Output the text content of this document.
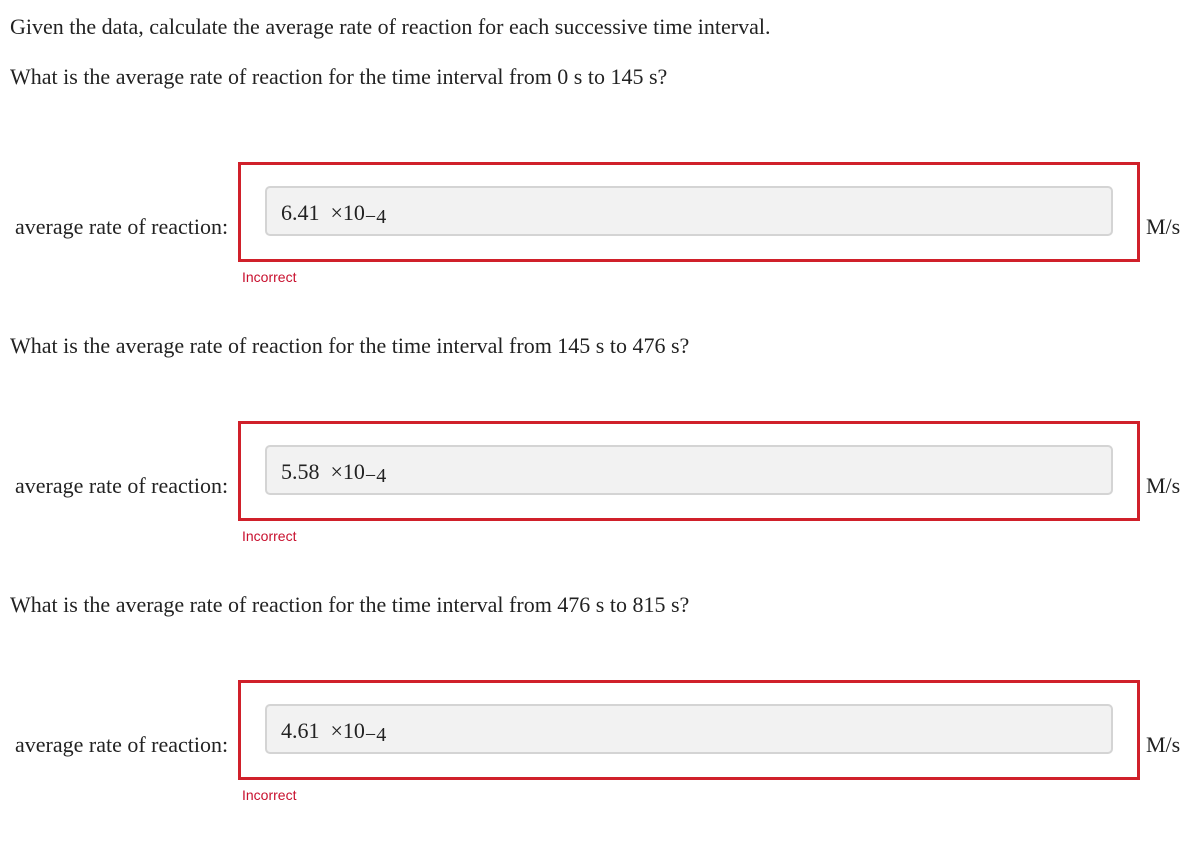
Given the data, calculate the average rate of reaction for each successive time interval.

What is the average rate of reaction for the time interval from 0 s to 145 s?

average rate of reaction:
6.41 ×10 −4	M/s
Incorrect

What is the average rate of reaction for the time interval from 145 s to 476 s?

average rate of reaction:
5.58 ×10 −4	M/s
Incorrect

What is the average rate of reaction for the time interval from 476 s to 815 s?

average rate of reaction:
4.61 ×10 −4	M/s
Incorrect
